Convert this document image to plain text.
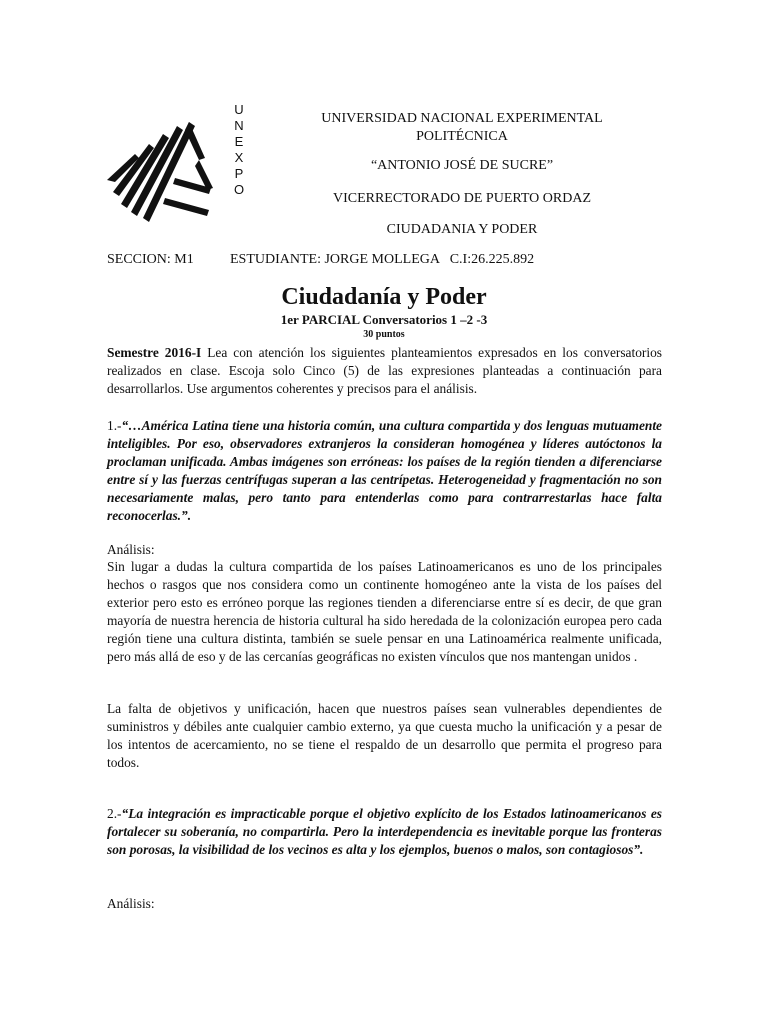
U
N
E
X
P
O
UNIVERSIDAD NACIONAL EXPERIMENTAL
POLITÉCNICA
“ANTONIO JOSÉ DE SUCRE”
VICERRECTORADO DE PUERTO ORDAZ
CIUDADANIA Y PODER
SECCION: M1	ESTUDIANTE: JORGE MOLLEGA   C.I:26.225.892
Ciudadanía y Poder
1er PARCIAL Conversatorios 1 –2 -3
30 puntos
Semestre 2016-I Lea con atención los siguientes planteamientos expresados en los conversatorios realizados en clase. Escoja solo Cinco (5) de las expresiones planteadas a continuación para desarrollarlos. Use argumentos coherentes y precisos para el análisis.
1.-“…América Latina tiene una historia común, una cultura compartida y dos lenguas mutuamente inteligibles. Por eso, observadores extranjeros la consideran homogénea y líderes autóctonos la proclaman unificada. Ambas imágenes son erróneas: los países de la región tienden a diferenciarse entre sí y las fuerzas centrífugas superan a las centrípetas. Heterogeneidad y fragmentación no son necesariamente malas, pero tanto para entenderlas como para contrarrestarlas hace falta reconocerlas.”.
Análisis:
Sin lugar a dudas la cultura compartida de los países Latinoamericanos es uno de los principales hechos o rasgos que nos considera como un continente homogéneo ante la vista de los países del exterior pero esto es erróneo porque las regiones tienden a diferenciarse entre sí es decir, de que gran mayoría de nuestra herencia de historia cultural ha sido heredada de la colonización europea pero cada región tiene una cultura distinta, también se suele pensar en una Latinoamérica realmente unificada, pero más allá de eso y de las cercanías geográficas no existen vínculos que nos mantengan unidos .
La falta de objetivos y unificación, hacen que nuestros países sean vulnerables dependientes de suministros y débiles ante cualquier cambio externo, ya que cuesta mucho la unificación y a pesar de los intentos de acercamiento, no se tiene el respaldo de un desarrollo que permita el progreso para todos.
2.-“La integración es impracticable porque el objetivo explícito de los Estados latinoamericanos es fortalecer su soberanía, no compartirla. Pero la interdependencia es inevitable porque las fronteras son porosas, la visibilidad de los vecinos es alta y los ejemplos, buenos o malos, son contagiosos”.
Análisis:
